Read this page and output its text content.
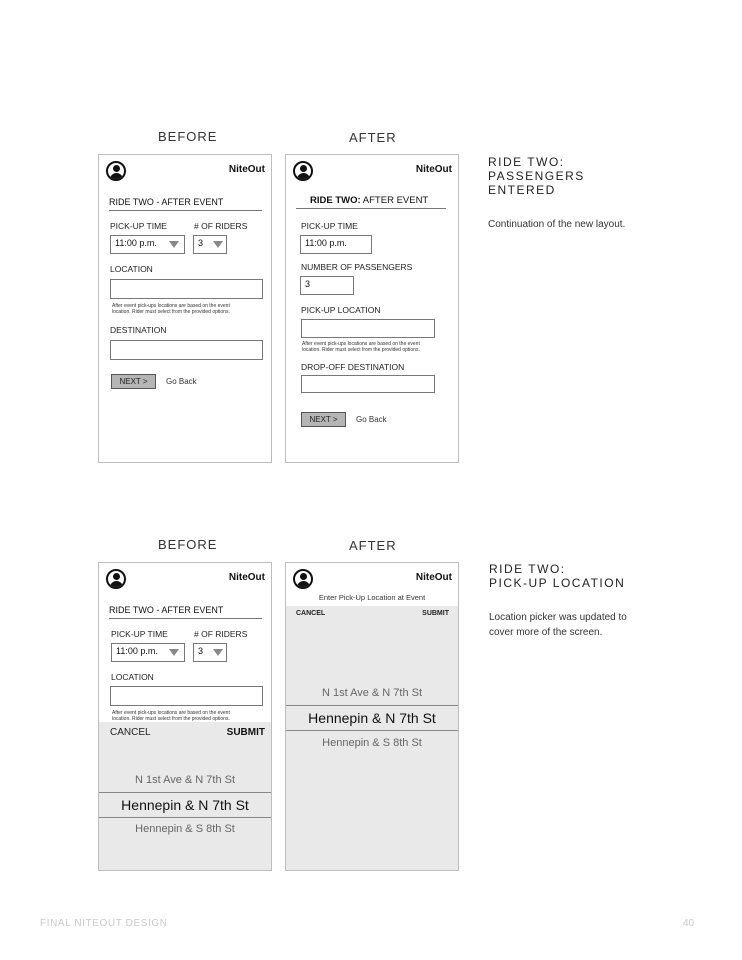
BEFORE	AFTER
NiteOut
RIDE TWO - AFTER EVENT
PICK-UP TIME	# OF RIDERS
11:00 p.m.	3
LOCATION
After event pick-ups locations are based on the event
location. Rider must select from the provided options.
DESTINATION
NEXT >	Go Back
NiteOut
RIDE TWO: AFTER EVENT
PICK-UP TIME
11:00 p.m.
NUMBER OF PASSENGERS
3
PICK-UP LOCATION
After event pick-ups locations are based on the event
location. Rider must select from the provided options.
DROP-OFF DESTINATION
NEXT >	Go Back
RIDE TWO:
PASSENGERS
ENTERED
Continuation of the new layout.
BEFORE	AFTER
NiteOut
RIDE TWO - AFTER EVENT
PICK-UP TIME	# OF RIDERS
11:00 p.m.	3
LOCATION
After event pick-ups locations are based on the event
location. Rider must select from the provided options.
CANCEL	SUBMIT
N 1st Ave & N 7th St
Hennepin & N 7th St
Hennepin & S 8th St
NiteOut
Enter Pick-Up Location at Event
CANCEL	SUBMIT
N 1st Ave & N 7th St
Hennepin & N 7th St
Hennepin & S 8th St
RIDE TWO:
PICK-UP LOCATION
Location picker was updated to
cover more of the screen.
FINAL NITEOUT DESIGN	40
